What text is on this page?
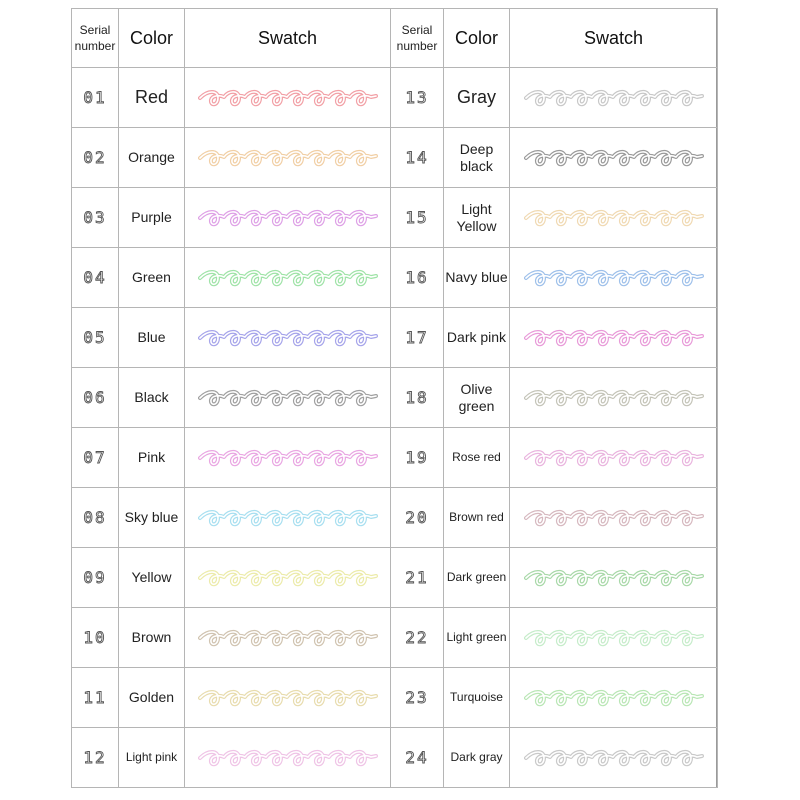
Serial number	Color	Swatch	Serial number	Color	Swatch
01	Red		13	Gray

02	Orange		14	Deep black

03	Purple		15	Light Yellow

04	Green		16	Navy blue

05	Blue		17	Dark pink

06	Black		18	Olive green

07	Pink		19	Rose red

08	Sky blue		20	Brown red

09	Yellow		21	Dark green

10	Brown		22	Light green

11	Golden		23	Turquoise

12	Light pink		24	Dark gray
